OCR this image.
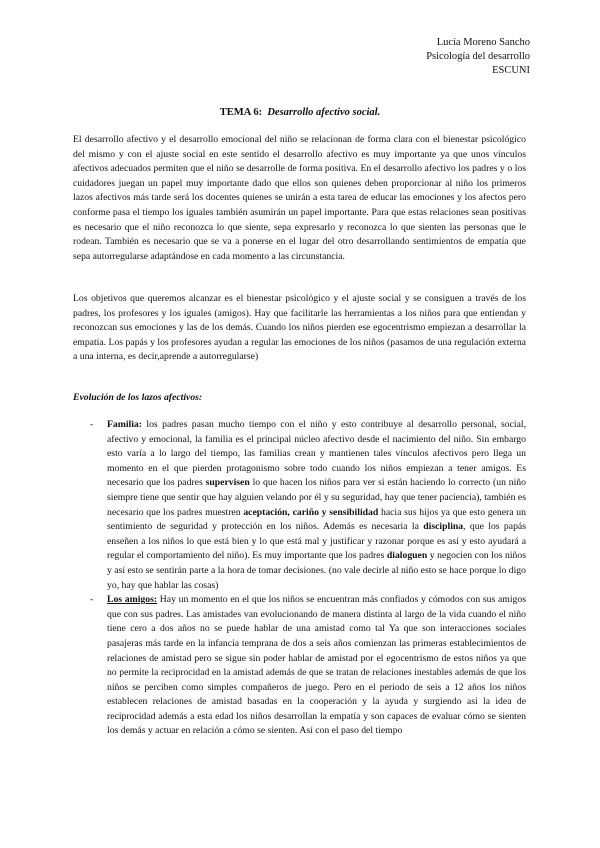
Lucía Moreno Sancho
Psicología del desarrollo
ESCUNI
TEMA 6: Desarrollo afectivo social.
El desarrollo afectivo y el desarrollo emocional del niño se relacionan de forma clara con el bienestar psicológico del mismo y con el ajuste social en este sentido el desarrollo afectivo es muy importante ya que unos vínculos afectivos adecuados permiten que el niño se desarrolle de forma positiva. En el desarrollo afectivo los padres y o los cuidadores juegan un papel muy importante dado que ellos son quienes deben proporcionar al niño los primeros lazos afectivos más tarde será los docentes quienes se unirán a esta tarea de educar las emociones y los afectos pero conforme pasa el tiempo los iguales también asumirán un papel importante. Para que estas relaciones sean positivas es necesario que el niño reconozca lo que siente, sepa expresarlo y reconozca lo que sienten las personas que le rodean. También es necesario que se va a ponerse en el lugar del otro desarrollando sentimientos de empatía que sepa autorregularse adaptándose en cada momento a las circunstancia.
Los objetivos que queremos alcanzar es el bienestar psicológico y el ajuste social y se consiguen a través de los padres, los profesores y los iguales (amigos). Hay que facilitarle las herramientas a los niños para que entiendan y reconozcan sus emociones y las de los demás. Cuando los niños pierden ese egocentrismo empiezan a desarrollar la empatía. Los papás y los profesores ayudan a regular las emociones de los niños (pasamos de una regulación externa a una interna, es decir,aprende a autorregularse)
Evolución de los lazos afectivos:
- Familia: los padres pasan mucho tiempo con el niño y esto contribuye al desarrollo personal, social, afectivo y emocional, la familia es el principal núcleo afectivo desde el nacimiento del niño. Sin embargo esto varía a lo largo del tiempo, las familias crean y mantienen tales vínculos afectivos pero llega un momento en el que pierden protagonismo sobre todo cuando los niños empiezan a tener amigos. Es necesario que los padres supervisen lo que hacen los niños para ver si están haciendo lo correcto (un niño siempre tiene que sentir que hay alguien velando por él y su seguridad, hay que tener paciencia), también es necesario que los padres muestren aceptación, cariño y sensibilidad hacia sus hijos ya que esto genera un sentimiento de seguridad y protección en los niños. Además es necesaria la disciplina, que los papás enseñen a los niños lo que está bien y lo que está mal y justificar y razonar porque es así y esto ayudará a regular el comportamiento del niño). Es muy importante que los padres dialoguen y negocien con los niños y así esto se sentirán parte a la hora de tomar decisiones. (no vale decirle al niño esto se hace porque lo digo yo, hay que hablar las cosas)
- Los amigos: Hay un momento en el que los niños se encuentran más confiados y cómodos con sus amigos que con sus padres. Las amistades van evolucionando de manera distinta al largo de la vida cuando el niño tiene cero a dos años no se puede hablar de una amistad como tal Ya que son interacciones sociales pasajeras más tarde en la infancia temprana de dos a seis años comienzan las primeras establecimientos de relaciones de amistad pero se sigue sin poder hablar de amistad por el egocentrismo de estos niños ya que no permite la reciprocidad en la amistad además de que se tratan de relaciones inestables además de que los niños se perciben como simples compañeros de juego. Pero en el periodo de seis a 12 años los niños establecen relaciones de amistad basadas en la cooperación y la ayuda y surgiendo así la idea de reciprocidad además a esta edad los niños desarrollan la empatía y son capaces de evaluar cómo se sienten los demás y actuar en relación a cómo se sienten. Así con el paso del tiempo
